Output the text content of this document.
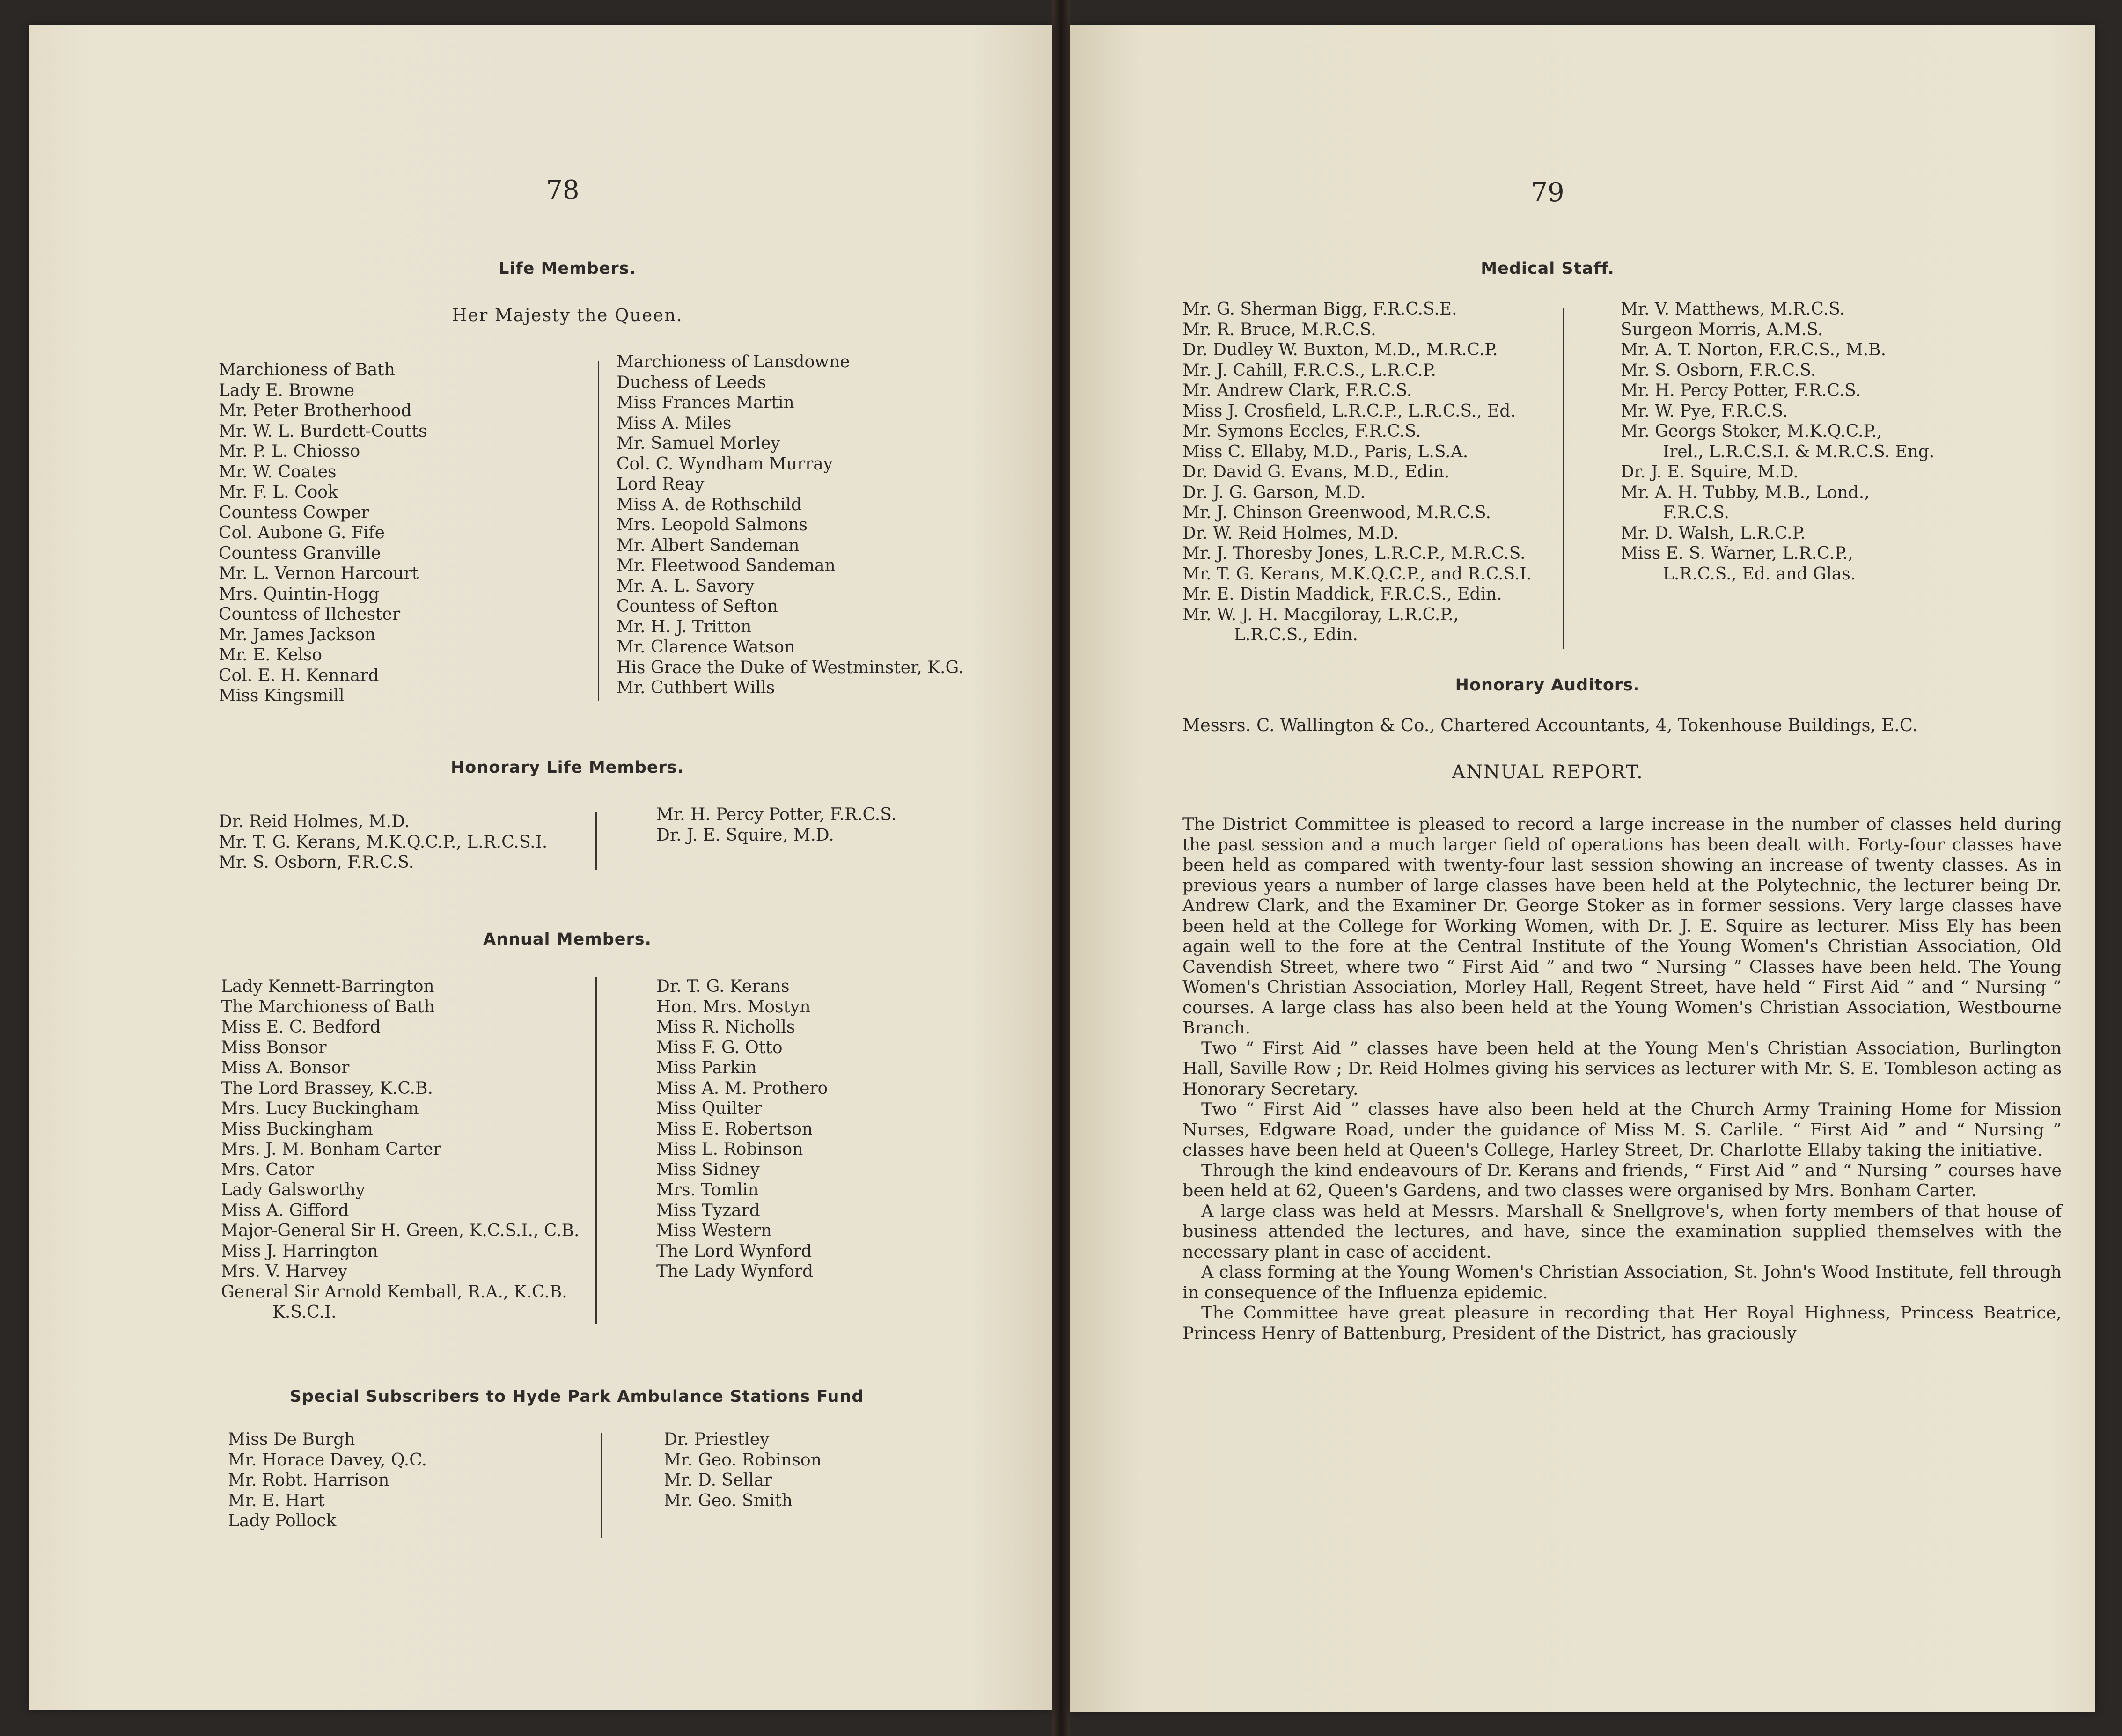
78
Life Members.
Her Majesty the Queen.
Marchioness of Bath
Lady E. Browne
Mr. Peter Brotherhood
Mr. W. L. Burdett-Coutts
Mr. P. L. Chiosso
Mr. W. Coates
Mr. F. L. Cook
Countess Cowper
Col. Aubone G. Fife
Countess Granville
Mr. L. Vernon Harcourt
Mrs. Quintin-Hogg
Countess of Ilchester
Mr. James Jackson
Mr. E. Kelso
Col. E. H. Kennard
Miss Kingsmill
Marchioness of Lansdowne
Duchess of Leeds
Miss Frances Martin
Miss A. Miles
Mr. Samuel Morley
Col. C. Wyndham Murray
Lord Reay
Miss A. de Rothschild
Mrs. Leopold Salmons
Mr. Albert Sandeman
Mr. Fleetwood Sandeman
Mr. A. L. Savory
Countess of Sefton
Mr. H. J. Tritton
Mr. Clarence Watson
His Grace the Duke of Westminster, K.G.
Mr. Cuthbert Wills
Honorary Life Members.
Dr. Reid Holmes, M.D.
Mr. T. G. Kerans, M.K.Q.C.P., L.R.C.S.I.
Mr. S. Osborn, F.R.C.S.
Mr. H. Percy Potter, F.R.C.S.
Dr. J. E. Squire, M.D.
Annual Members.
Lady Kennett-Barrington
The Marchioness of Bath
Miss E. C. Bedford
Miss Bonsor
Miss A. Bonsor
The Lord Brassey, K.C.B.
Mrs. Lucy Buckingham
Miss Buckingham
Mrs. J. M. Bonham Carter
Mrs. Cator
Lady Galsworthy
Miss A. Gifford
Major-General Sir H. Green, K.C.S.I., C.B.
Miss J. Harrington
Mrs. V. Harvey
General Sir Arnold Kemball, R.A., K.C.B.
K.S.C.I.
Dr. T. G. Kerans
Hon. Mrs. Mostyn
Miss R. Nicholls
Miss F. G. Otto
Miss Parkin
Miss A. M. Prothero
Miss Quilter
Miss E. Robertson
Miss L. Robinson
Miss Sidney
Mrs. Tomlin
Miss Tyzard
Miss Western
The Lord Wynford
The Lady Wynford
Special Subscribers to Hyde Park Ambulance Stations Fund
Miss De Burgh
Mr. Horace Davey, Q.C.
Mr. Robt. Harrison
Mr. E. Hart
Lady Pollock
Dr. Priestley
Mr. Geo. Robinson
Mr. D. Sellar
Mr. Geo. Smith
79
Medical Staff.
Mr. G. Sherman Bigg, F.R.C.S.E.
Mr. R. Bruce, M.R.C.S.
Dr. Dudley W. Buxton, M.D., M.R.C.P.
Mr. J. Cahill, F.R.C.S., L.R.C.P.
Mr. Andrew Clark, F.R.C.S.
Miss J. Crosfield, L.R.C.P., L.R.C.S., Ed.
Mr. Symons Eccles, F.R.C.S.
Miss C. Ellaby, M.D., Paris, L.S.A.
Dr. David G. Evans, M.D., Edin.
Dr. J. G. Garson, M.D.
Mr. J. Chinson Greenwood, M.R.C.S.
Dr. W. Reid Holmes, M.D.
Mr. J. Thoresby Jones, L.R.C.P., M.R.C.S.
Mr. T. G. Kerans, M.K.Q.C.P., and R.C.S.I.
Mr. E. Distin Maddick, F.R.C.S., Edin.
Mr. W. J. H. Macgiloray, L.R.C.P.,
L.R.C.S., Edin.
Mr. V. Matthews, M.R.C.S.
Surgeon Morris, A.M.S.
Mr. A. T. Norton, F.R.C.S., M.B.
Mr. S. Osborn, F.R.C.S.
Mr. H. Percy Potter, F.R.C.S.
Mr. W. Pye, F.R.C.S.
Mr. Georgs Stoker, M.K.Q.C.P.,
Irel., L.R.C.S.I. & M.R.C.S. Eng.
Dr. J. E. Squire, M.D.
Mr. A. H. Tubby, M.B., Lond.,
F.R.C.S.
Mr. D. Walsh, L.R.C.P.
Miss E. S. Warner, L.R.C.P.,
L.R.C.S., Ed. and Glas.
Honorary Auditors.
Messrs. C. Wallington & Co., Chartered Accountants, 4, Tokenhouse Buildings, E.C.
ANNUAL REPORT.

The District Committee is pleased to record a large increase in the number of classes held during the past session and a much larger field of operations has been dealt with. Forty-four classes have been held as compared with twenty-four last session showing an increase of twenty classes. As in previous years a number of large classes have been held at the Polytechnic, the lecturer being Dr. Andrew Clark, and the Examiner Dr. George Stoker as in former sessions. Very large classes have been held at the College for Working Women, with Dr. J. E. Squire as lecturer. Miss Ely has been again well to the fore at the Central Institute of the Young Women's Christian Association, Old Cavendish Street, where two “ First Aid ” and two “ Nursing ” Classes have been held. The Young Women's Christian Association, Morley Hall, Regent Street, have held “ First Aid ” and “ Nursing ” courses. A large class has also been held at the Young Women's Christian Association, Westbourne Branch.

Two “ First Aid ” classes have been held at the Young Men's Christian Association, Burlington Hall, Saville Row ; Dr. Reid Holmes giving his services as lecturer with Mr. S. E. Tombleson acting as Honorary Secretary.

Two “ First Aid ” classes have also been held at the Church Army Training Home for Mission Nurses, Edgware Road, under the guidance of Miss M. S. Carlile. “ First Aid ” and “ Nursing ” classes have been held at Queen's College, Harley Street, Dr. Charlotte Ellaby taking the initiative.

Through the kind endeavours of Dr. Kerans and friends, “ First Aid ” and “ Nursing ” courses have been held at 62, Queen's Gardens, and two classes were organised by Mrs. Bonham Carter.

A large class was held at Messrs. Marshall & Snellgrove's, when forty members of that house of business attended the lectures, and have, since the examination supplied themselves with the necessary plant in case of accident.

A class forming at the Young Women's Christian Association, St. John's Wood Institute, fell through in consequence of the Influenza epidemic.

The Committee have great pleasure in recording that Her Royal Highness, Princess Beatrice, Princess Henry of Battenburg, President of the District, has graciously
